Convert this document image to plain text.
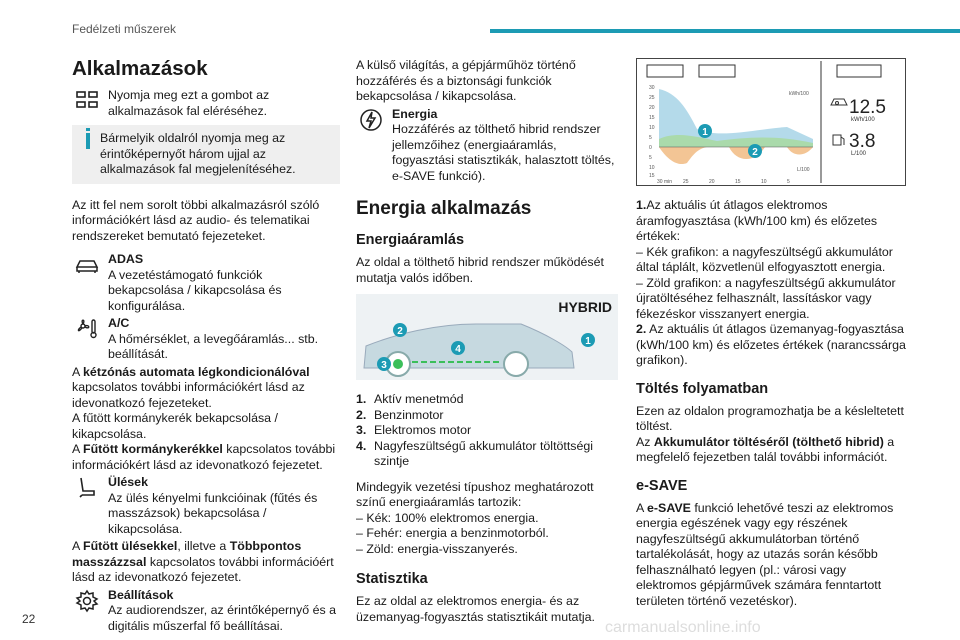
Fedélzeti műszerek
Alkalmazások
Nyomja meg ezt a gombot az alkalmazások fal eléréséhez.
Bármelyik oldalról nyomja meg az érintőképernyőt három ujjal az alkalmazások fal megjelenítéséhez.

Az itt fel nem sorolt többi alkalmazásról szóló információkért lásd az audio- és telematikai rendszereket bemutató fejezeteket.

ADAS
A vezetéstámogató funkciók bekapcsolása / kikapcsolása és konfigurálása.
A/C
A hőmérséklet, a levegőáramlás... stb. beállítását.
A kétzónás automata légkondicionálóval kapcsolatos további információkért lásd az idevonatkozó fejezeteket.
A fűtött kormánykerék bekapcsolása / kikapcsolása.
A Fűtött kormánykerékkel kapcsolatos további információkért lásd az idevonatkozó fejezetet.
Ülések
Az ülés kényelmi funkcióinak (fűtés és masszázsok) bekapcsolása / kikapcsolása.
A Fűtött ülésekkel, illetve a Többpontos masszázzsal kapcsolatos további információért lásd az idevonatkozó fejezetet.
Beállítások
Az audiorendszer, az érintőképernyő és a digitális műszerfal fő beállításai.

A külső világítás, a gépjárműhöz történő hozzáférés és a biztonsági funkciók bekapcsolása / kikapcsolása.

Energia
Hozzáférés az tölthető hibrid rendszer jellemzőihez (energiaáramlás, fogyasztási statisztikák, halasztott töltés, e-SAVE funkció).
Energia alkalmazás
Energiaáramlás

Az oldal a tölthető hibrid rendszer működését mutatja valós időben.

HYBRID
2
3
4
1
1. Aktív menetmód
2. Benzinmotor
3. Elektromos motor
4. Nagyfeszültségű akkumulátor töltöttségi szintje
Mindegyik vezetési típushoz meghatározott színű energiaáramlás tartozik:
– Kék: 100% elektromos energia.
– Fehér: energia a benzinmotorból.
– Zöld: energia-visszanyerés.
Statisztika

Ez az oldal az elektromos energia- és az üzemanyag-fogyasztás statisztikáit mutatja.

30
25
20
15
10
5
0
5
10
15
30 min 25	20	15	10	5
kWh/100
L/100
1
2
12.5
kWh/100
3.8
L/100
1.Az aktuális út átlagos elektromos áramfogyasztása (kWh/100 km) és előzetes értékek:
– Kék grafikon: a nagyfeszültségű akkumulátor által táplált, közvetlenül elfogyasztott energia.
– Zöld grafikon: a nagyfeszültségű akkumulátor újratöltéséhez felhasznált, lassításkor vagy fékezéskor visszanyert energia.
2. Az aktuális út átlagos üzemanyag-fogyasztása (kWh/100 km) és előzetes értékek (narancssárga grafikon).
Töltés folyamatban
Ezen az oldalon programozhatja be a késleltetett töltést.
Az Akkumulátor töltéséről (tölthető hibrid) a megfelelő fejezetben talál további információt.
e-SAVE
A e-SAVE funkció lehetővé teszi az elektromos energia egészének vagy egy részének nagyfeszültségű akkumulátorban történő tartalékolását, hogy az utazás során később felhasználható legyen (pl.: városi vagy elektromos gépjárművek számára fenntartott területen történő vezetéskor).
22	carmanualsonline.info
